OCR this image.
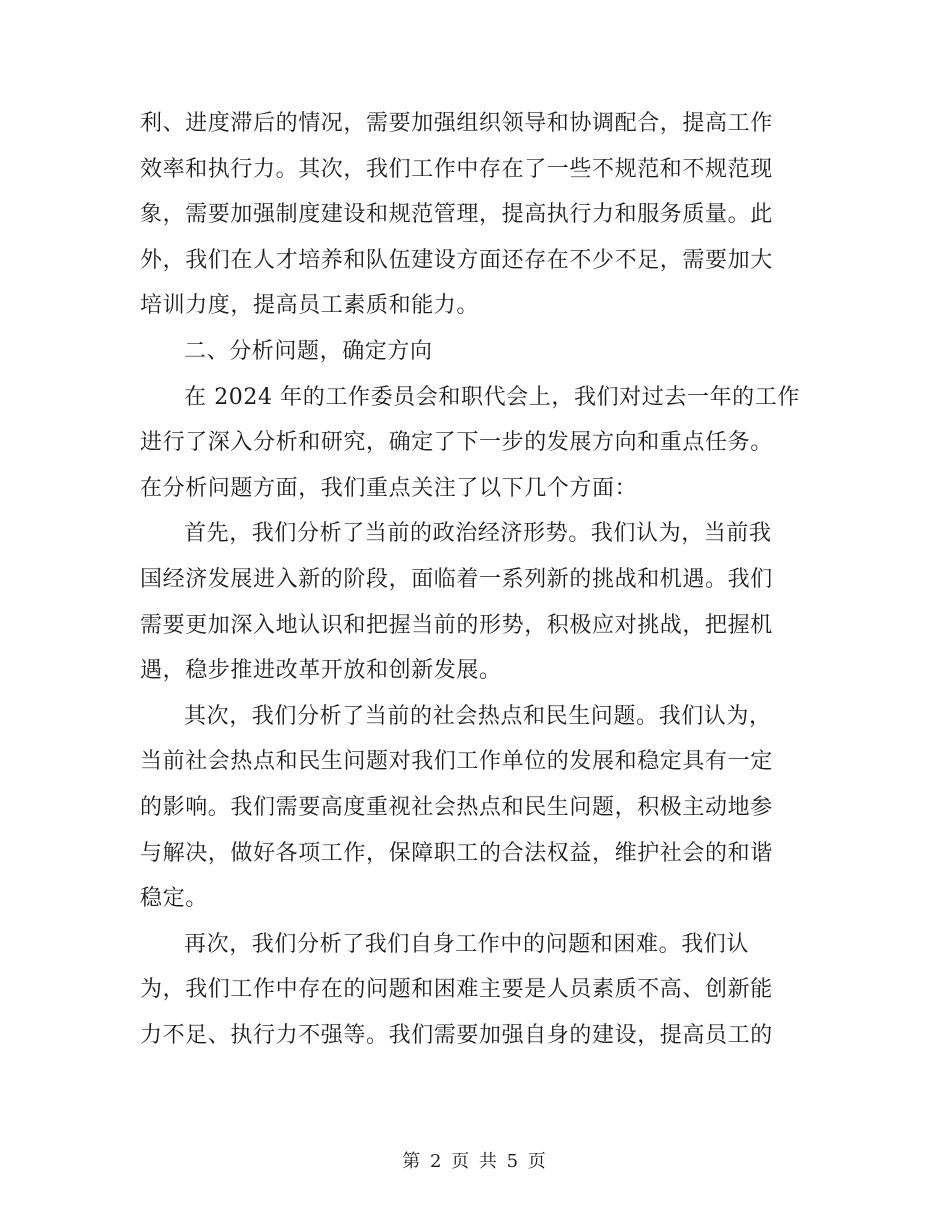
利、进度滞后的情况，需要加强组织领导和协调配合，提高工作
效率和执行力。其次，我们工作中存在了一些不规范和不规范现
象，需要加强制度建设和规范管理，提高执行力和服务质量。此
外，我们在人才培养和队伍建设方面还存在不少不足，需要加大
培训力度，提高员工素质和能力。
二、分析问题，确定方向
在 2024 年的工作委员会和职代会上，我们对过去一年的工作
进行了深入分析和研究，确定了下一步的发展方向和重点任务。
在分析问题方面，我们重点关注了以下几个方面：
首先，我们分析了当前的政治经济形势。我们认为，当前我
国经济发展进入新的阶段，面临着一系列新的挑战和机遇。我们
需要更加深入地认识和把握当前的形势，积极应对挑战，把握机
遇，稳步推进改革开放和创新发展。
其次，我们分析了当前的社会热点和民生问题。我们认为，
当前社会热点和民生问题对我们工作单位的发展和稳定具有一定
的影响。我们需要高度重视社会热点和民生问题，积极主动地参
与解决，做好各项工作，保障职工的合法权益，维护社会的和谐
稳定。
再次，我们分析了我们自身工作中的问题和困难。我们认
为，我们工作中存在的问题和困难主要是人员素质不高、创新能
力不足、执行力不强等。我们需要加强自身的建设，提高员工的
第 2 页 共 5 页
